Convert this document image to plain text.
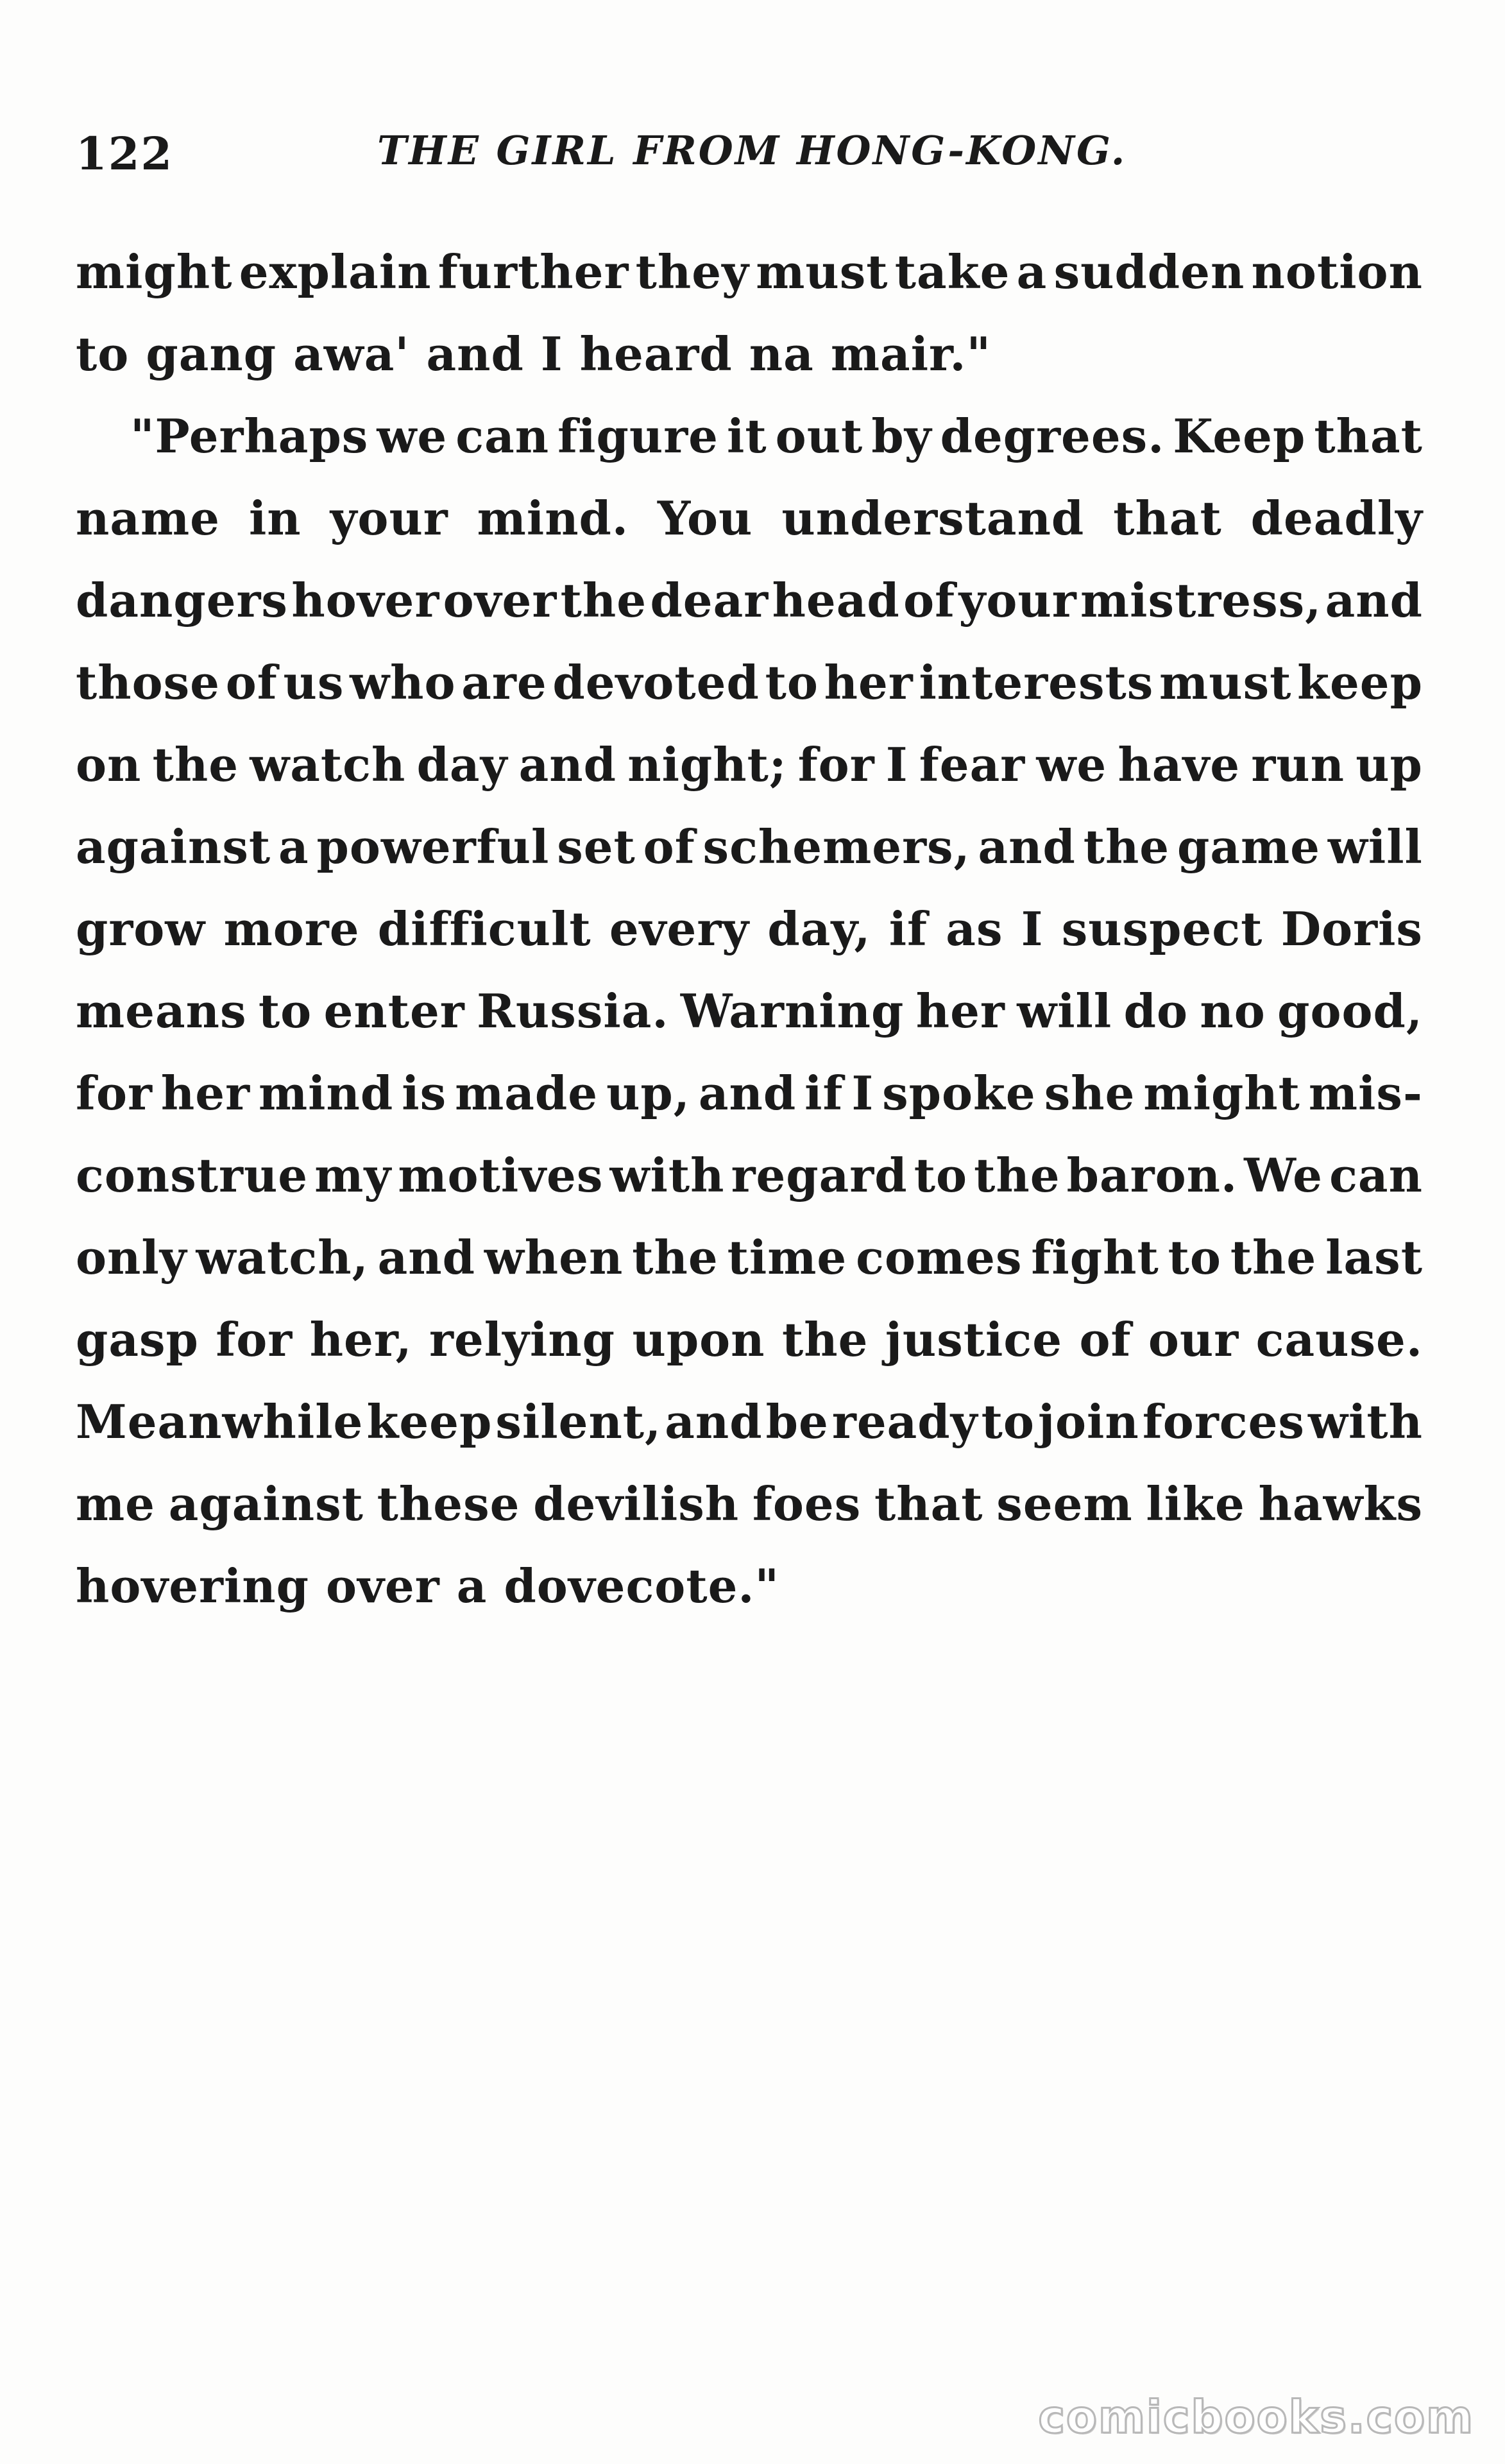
122	THE GIRL FROM HONG-KONG.
might explain further they must take a sudden notion
to gang awa' and I heard na mair."
"Perhaps we can figure it out by degrees. Keep that
name in your mind. You understand that deadly
dangers hover over the dear head of your mistress, and
those of us who are devoted to her interests must keep
on the watch day and night; for I fear we have run up
against a powerful set of schemers, and the game will
grow more difficult every day, if as I suspect Doris
means to enter Russia. Warning her will do no good,
for her mind is made up, and if I spoke she might mis-
construe my motives with regard to the baron. We can
only watch, and when the time comes fight to the last
gasp for her, relying upon the justice of our cause.
Meanwhile keep silent, and be ready to join forces with
me against these devilish foes that seem like hawks
hovering over a dovecote."
comicbooks.com
